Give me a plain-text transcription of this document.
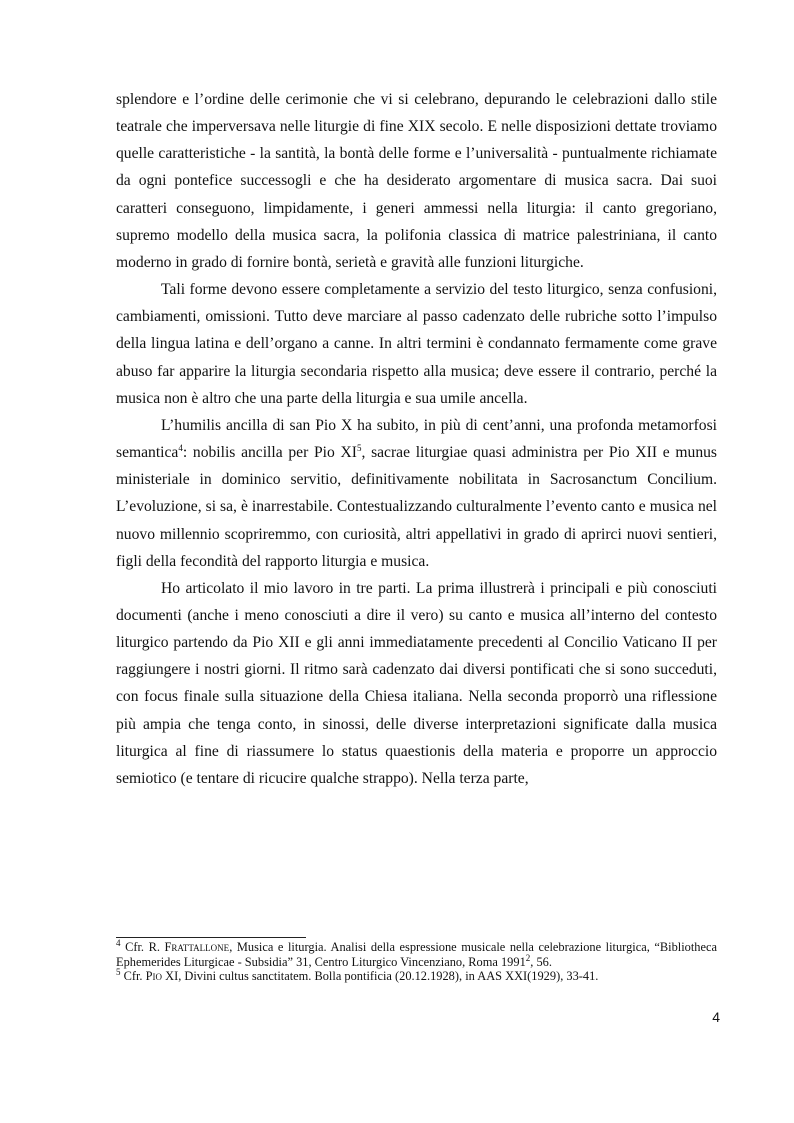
splendore e l’ordine delle cerimonie che vi si celebrano, depurando le celebrazioni dallo stile teatrale che imperversava nelle liturgie di fine XIX secolo. E nelle disposizioni dettate troviamo quelle caratteristiche - la santità, la bontà delle forme e l’universalità - puntualmente richiamate da ogni pontefice successogli e che ha desiderato argomentare di musica sacra. Dai suoi caratteri conseguono, limpidamente, i generi ammessi nella liturgia: il canto gregoriano, supremo modello della musica sacra, la polifonia classica di matrice palestriniana, il canto moderno in grado di fornire bontà, serietà e gravità alle funzioni liturgiche.

Tali forme devono essere completamente a servizio del testo liturgico, senza confusioni, cambiamenti, omissioni. Tutto deve marciare al passo cadenzato delle rubriche sotto l’impulso della lingua latina e dell’organo a canne. In altri termini è condannato fermamente come grave abuso far apparire la liturgia secondaria rispetto alla musica; deve essere il contrario, perché la musica non è altro che una parte della liturgia e sua umile ancella.

L’humilis ancilla di san Pio X ha subito, in più di cent’anni, una profonda metamorfosi semantica$^4$: nobilis ancilla per Pio $XI^5$, sacrae liturgiae quasi administra per Pio XII e munus ministeriale in dominico servitio, definitivamente nobilitata in Sacrosanctum Concilium. L’evoluzione, si sa, è inarrestabile. Contestualizzando culturalmente l’evento canto e musica nel nuovo millennio scopriremmo, con curiosità, altri appellativi in grado di aprirci nuovi sentieri, figli della fecondità del rapporto liturgia e musica.

Ho articolato il mio lavoro in tre parti. La prima illustrerà i principali e più conosciuti documenti (anche i meno conosciuti a dire il vero) su canto e musica all’interno del contesto liturgico partendo da Pio XII e gli anni immediatamente precedenti al Concilio Vaticano II per raggiungere i nostri giorni. Il ritmo sarà cadenzato dai diversi pontificati che si sono succeduti, con focus finale sulla situazione della Chiesa italiana. Nella seconda proporrò una riflessione più ampia che tenga conto, in sinossi, delle diverse interpretazioni significate dalla musica liturgica al fine di riassumere lo status quaestionis della materia e proporre un approccio semiotico (e tentare di ricucire qualche strappo). Nella terza parte,

$^4$ Cfr. R. Frattallone, Musica e liturgia. Analisi della espressione musicale nella celebrazione liturgica, “Bibliotheca Ephemerides Liturgicae - Subsidia” 31, Centro Liturgico Vincenziano, Roma 1991$^2$, 56.

$^5$ Cfr. Pio XI, Divini cultus sanctitatem. Bolla pontificia (20.12.1928), in AAS XXI(1929), 33-41.

4
